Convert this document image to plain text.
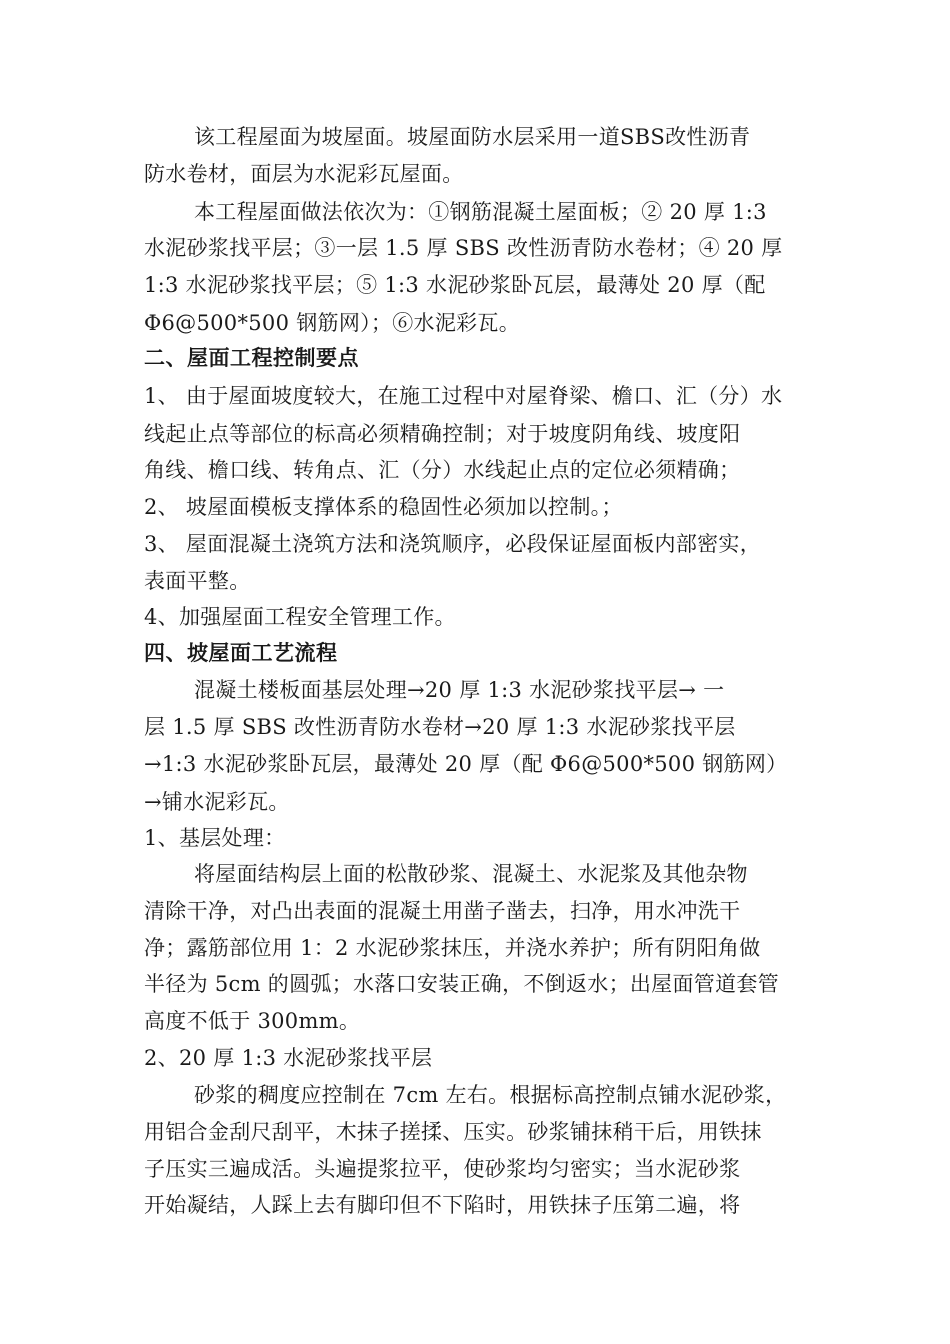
该工程屋面为坡屋面。坡屋面防水层采用一道SBS改性沥青
防水卷材，面层为水泥彩瓦屋面。
本工程屋面做法依次为：①钢筋混凝土屋面板；② 20 厚 1:3
水泥砂浆找平层；③一层 1.5 厚 SBS 改性沥青防水卷材；④ 20 厚
1:3 水泥砂浆找平层；⑤ 1:3 水泥砂浆卧瓦层，最薄处 20 厚（配
Φ6@500*500 钢筋网）；⑥水泥彩瓦。
二、屋面工程控制要点
1、 由于屋面坡度较大，在施工过程中对屋脊梁、檐口、汇（分）水
线起止点等部位的标高必须精确控制；对于坡度阴角线、坡度阳
角线、檐口线、转角点、汇（分）水线起止点的定位必须精确；
2、 坡屋面模板支撑体系的稳固性必须加以控制。；
3、 屋面混凝土浇筑方法和浇筑顺序，必段保证屋面板内部密实，
表面平整。
4、加强屋面工程安全管理工作。
四、坡屋面工艺流程
混凝土楼板面基层处理→20 厚 1:3 水泥砂浆找平层→ 一
层 1.5 厚 SBS 改性沥青防水卷材→20 厚 1:3 水泥砂浆找平层
→1:3 水泥砂浆卧瓦层，最薄处 20 厚（配 Φ6@500*500 钢筋网）
→铺水泥彩瓦。
1、基层处理：
将屋面结构层上面的松散砂浆、混凝土、水泥浆及其他杂物
清除干净，对凸出表面的混凝土用凿子凿去，扫净，用水冲洗干
净；露筋部位用 1：2 水泥砂浆抹压，并浇水养护；所有阴阳角做
半径为 5cm 的圆弧；水落口安装正确，不倒返水；出屋面管道套管
高度不低于 300mm。
2、20 厚 1:3 水泥砂浆找平层
砂浆的稠度应控制在 7cm 左右。根据标高控制点铺水泥砂浆，
用铝合金刮尺刮平，木抹子搓揉、压实。砂浆铺抹稍干后，用铁抹
子压实三遍成活。头遍提浆拉平，使砂浆均匀密实；当水泥砂浆
开始凝结，人踩上去有脚印但不下陷时，用铁抹子压第二遍，将
